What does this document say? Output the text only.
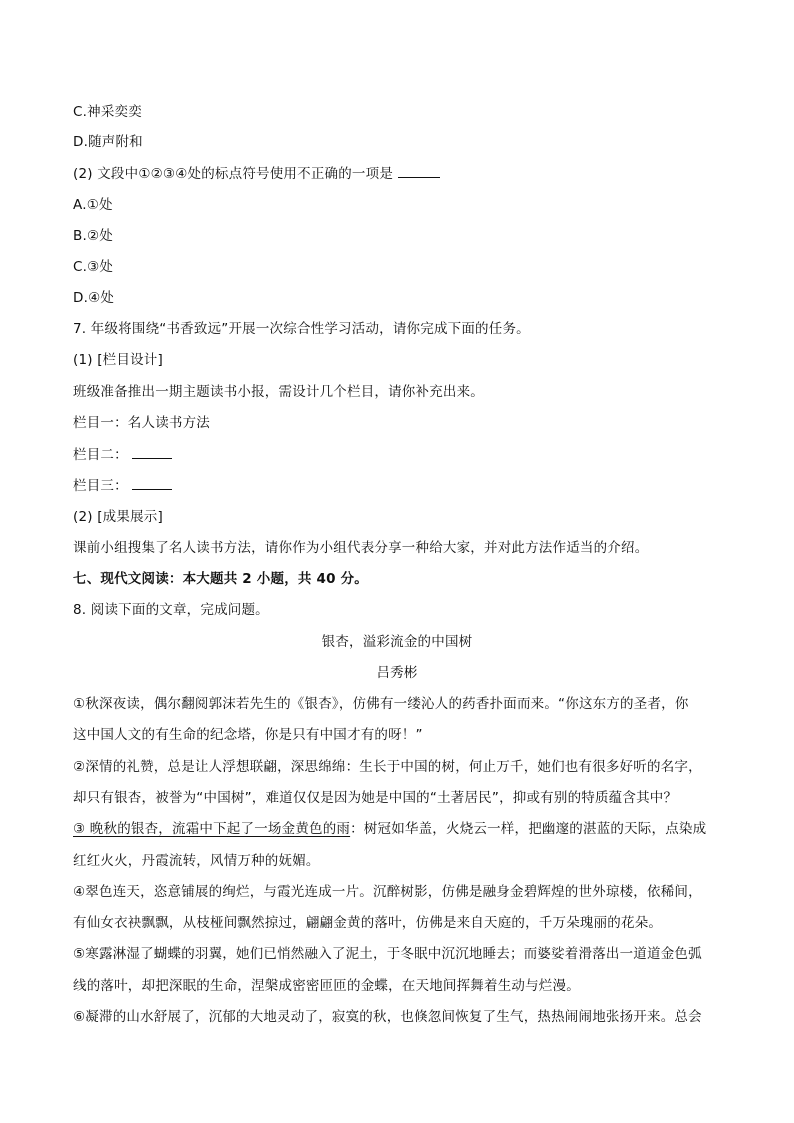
C.神采奕奕
D.随声附和
(2) 文段中①②③④处的标点符号使用不正确的一项是
A.①处
B.②处
C.③处
D.④处
7. 年级将围绕“书香致远”开展一次综合性学习活动，请你完成下面的任务。
(1) [栏目设计]
班级准备推出一期主题读书小报，需设计几个栏目，请你补充出来。
栏目一：名人读书方法
栏目二：
栏目三：
(2) [成果展示]
课前小组搜集了名人读书方法，请你作为小组代表分享一种给大家，并对此方法作适当的介绍。
七、现代文阅读：本大题共 2 小题，共 40 分。
8. 阅读下面的文章，完成问题。
银杏，溢彩流金的中国树
吕秀彬
①秋深夜读，偶尔翻阅郭沫若先生的《银杏》，仿佛有一缕沁人的药香扑面而来。“你这东方的圣者，你
这中国人文的有生命的纪念塔，你是只有中国才有的呀！”
②深情的礼赞，总是让人浮想联翩，深思绵绵：生长于中国的树，何止万千，她们也有很多好听的名字，
却只有银杏，被誉为“中国树”，难道仅仅是因为她是中国的“土著居民”，抑或有别的特质蕴含其中？
③ 晚秋的银杏，流霜中下起了一场金黄色的雨：树冠如华盖，火烧云一样，把幽邃的湛蓝的天际，点染成
红红火火，丹霞流转，风情万种的妩媚。
④翠色连天，恣意铺展的绚烂，与霞光连成一片。沉醉树影，仿佛是融身金碧辉煌的世外琼楼，依稀间，
有仙女衣袂飘飘，从枝桠间飘然掠过，翩翩金黄的落叶，仿佛是来自天庭的，千万朵瑰丽的花朵。
⑤寒露淋湿了蝴蝶的羽翼，她们已悄然融入了泥土，于冬眠中沉沉地睡去；而婆娑着滑落出一道道金色弧
线的落叶，却把深眠的生命，涅槃成密密匝匝的金蝶，在天地间挥舞着生动与烂漫。
⑥凝滞的山水舒展了，沉郁的大地灵动了，寂寞的秋，也倏忽间恢复了生气，热热闹闹地张扬开来。总会
